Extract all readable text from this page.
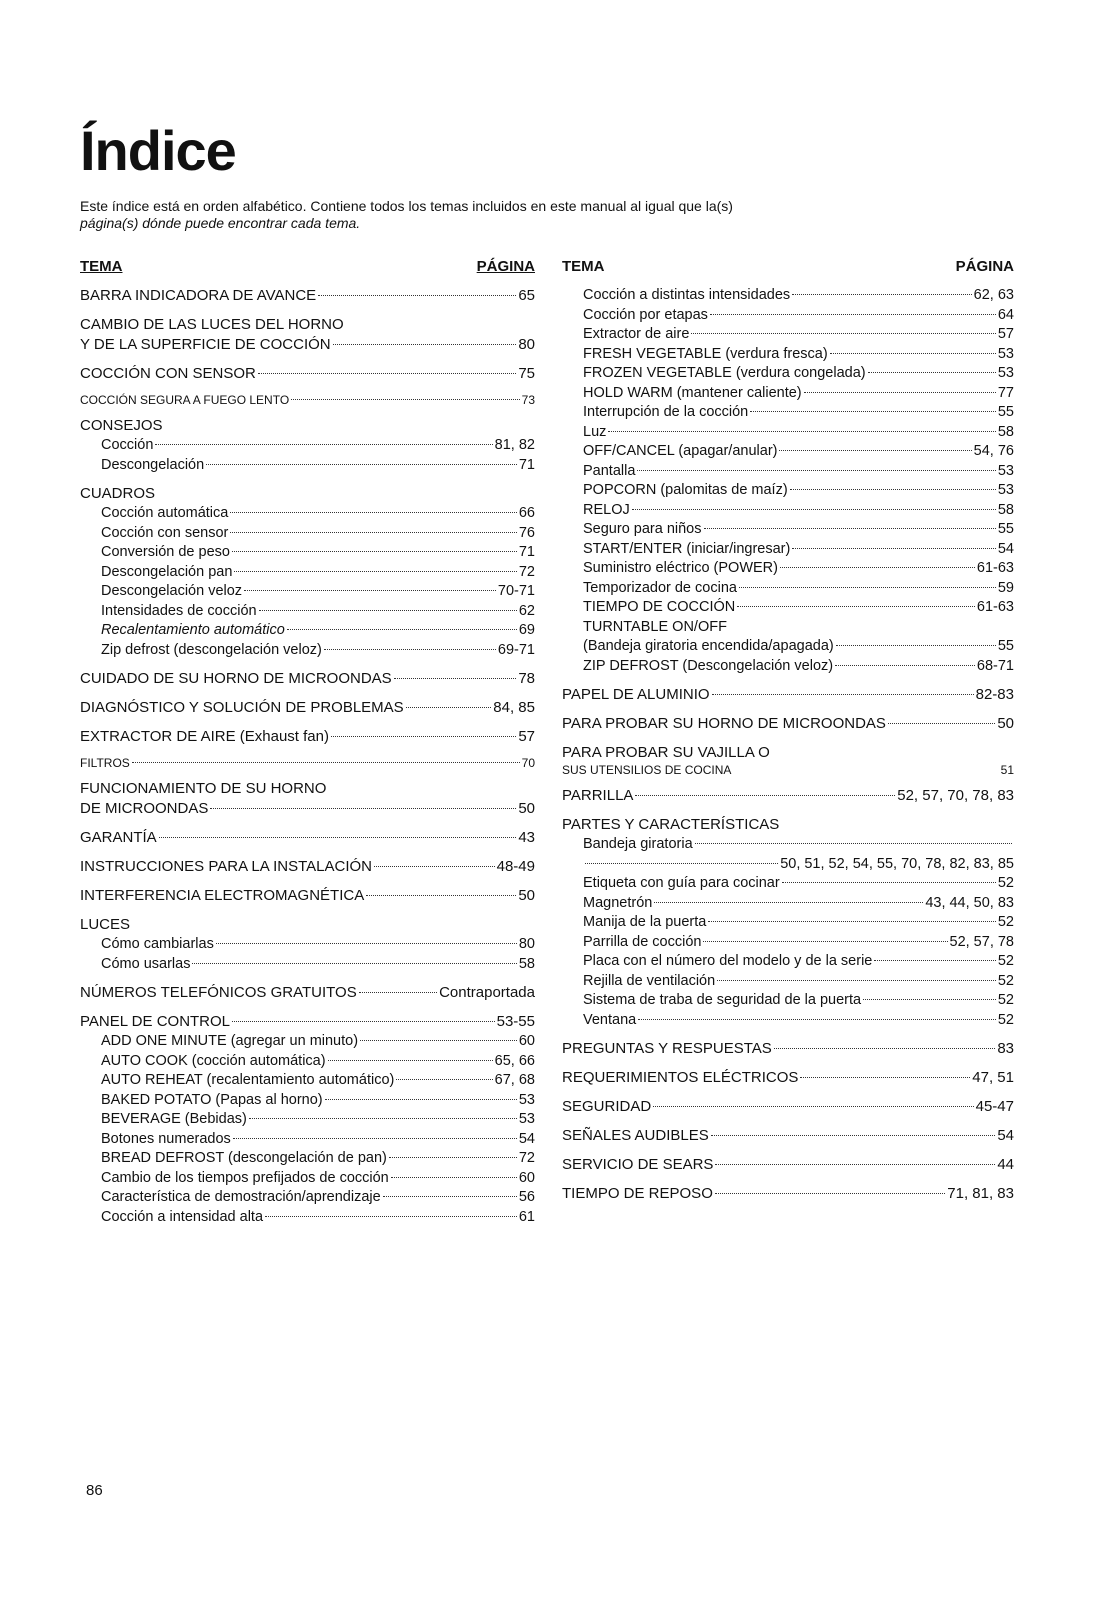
Índice
Este índice está en orden alfabético. Contiene todos los temas incluidos en este manual al igual que la(s)
página(s) dónde puede encontrar cada tema.
TEMA	PÁGINA
BARRA INDICADORA DE AVANCE	65
CAMBIO DE LAS LUCES DEL HORNO
Y DE LA SUPERFICIE DE COCCIÓN	80
COCCIÓN CON SENSOR	75
COCCIÓN SEGURA A FUEGO LENTO	73
CONSEJOS
Cocción	81, 82
Descongelación	71
CUADROS
Cocción automática	66
Cocción con sensor	76
Conversión de peso	71
Descongelación pan	72
Descongelación veloz	70-71
Intensidades de cocción	62
Recalentamiento automático	69
Zip defrost (descongelación veloz)	69-71
CUIDADO DE SU HORNO DE MICROONDAS	78
DIAGNÓSTICO Y SOLUCIÓN DE PROBLEMAS	84, 85
EXTRACTOR DE AIRE (Exhaust fan)	57
FILTROS	70
FUNCIONAMIENTO DE SU HORNO
DE MICROONDAS	50
GARANTÍA	43
INSTRUCCIONES PARA LA INSTALACIÓN	48-49
INTERFERENCIA ELECTROMAGNÉTICA	50
LUCES
Cómo cambiarlas	80
Cómo usarlas	58
NÚMEROS TELEFÓNICOS GRATUITOS	Contraportada
PANEL DE CONTROL	53-55
ADD ONE MINUTE (agregar un minuto)	60
AUTO COOK (cocción automática)	65, 66
AUTO REHEAT (recalentamiento automático)	67, 68
BAKED POTATO (Papas al horno)	53
BEVERAGE (Bebidas)	53
Botones numerados	54
BREAD DEFROST (descongelación de pan)	72
Cambio de los tiempos prefijados de cocción	60
Característica de demostración/aprendizaje	56
Cocción a intensidad alta	61
TEMA	PÁGINA
Cocción a distintas intensidades	62, 63
Cocción por etapas	64
Extractor de aire	57
FRESH VEGETABLE (verdura fresca)	53
FROZEN VEGETABLE (verdura congelada)	53
HOLD WARM (mantener caliente)	77
Interrupción de la cocción	55
Luz	58
OFF/CANCEL (apagar/anular)	54, 76
Pantalla	53
POPCORN (palomitas de maíz)	53
RELOJ	58
Seguro para niños	55
START/ENTER (iniciar/ingresar)	54
Suministro eléctrico (POWER)	61-63
Temporizador de cocina	59
TIEMPO DE COCCIÓN	61-63
TURNTABLE ON/OFF
(Bandeja giratoria encendida/apagada)	55
ZIP DEFROST (Descongelación veloz)	68-71
PAPEL DE ALUMINIO	82-83
PARA PROBAR SU HORNO DE MICROONDAS	50
PARA PROBAR SU VAJILLA O
SUS UTENSILIOS DE COCINA	51
PARRILLA	52, 57, 70, 78, 83
PARTES Y CARACTERÍSTICAS
Bandeja giratoria
50, 51, 52, 54, 55, 70, 78, 82, 83, 85
Etiqueta con guía para cocinar	52
Magnetrón	43, 44, 50, 83
Manija de la puerta	52
Parrilla de cocción	52, 57, 78
Placa con el número del modelo y de la serie	52
Rejilla de ventilación	52
Sistema de traba de seguridad de la puerta	52
Ventana	52
PREGUNTAS Y RESPUESTAS	83
REQUERIMIENTOS ELÉCTRICOS	47, 51
SEGURIDAD	45-47
SEÑALES AUDIBLES	54
SERVICIO DE SEARS	44
TIEMPO DE REPOSO	71, 81, 83
86
